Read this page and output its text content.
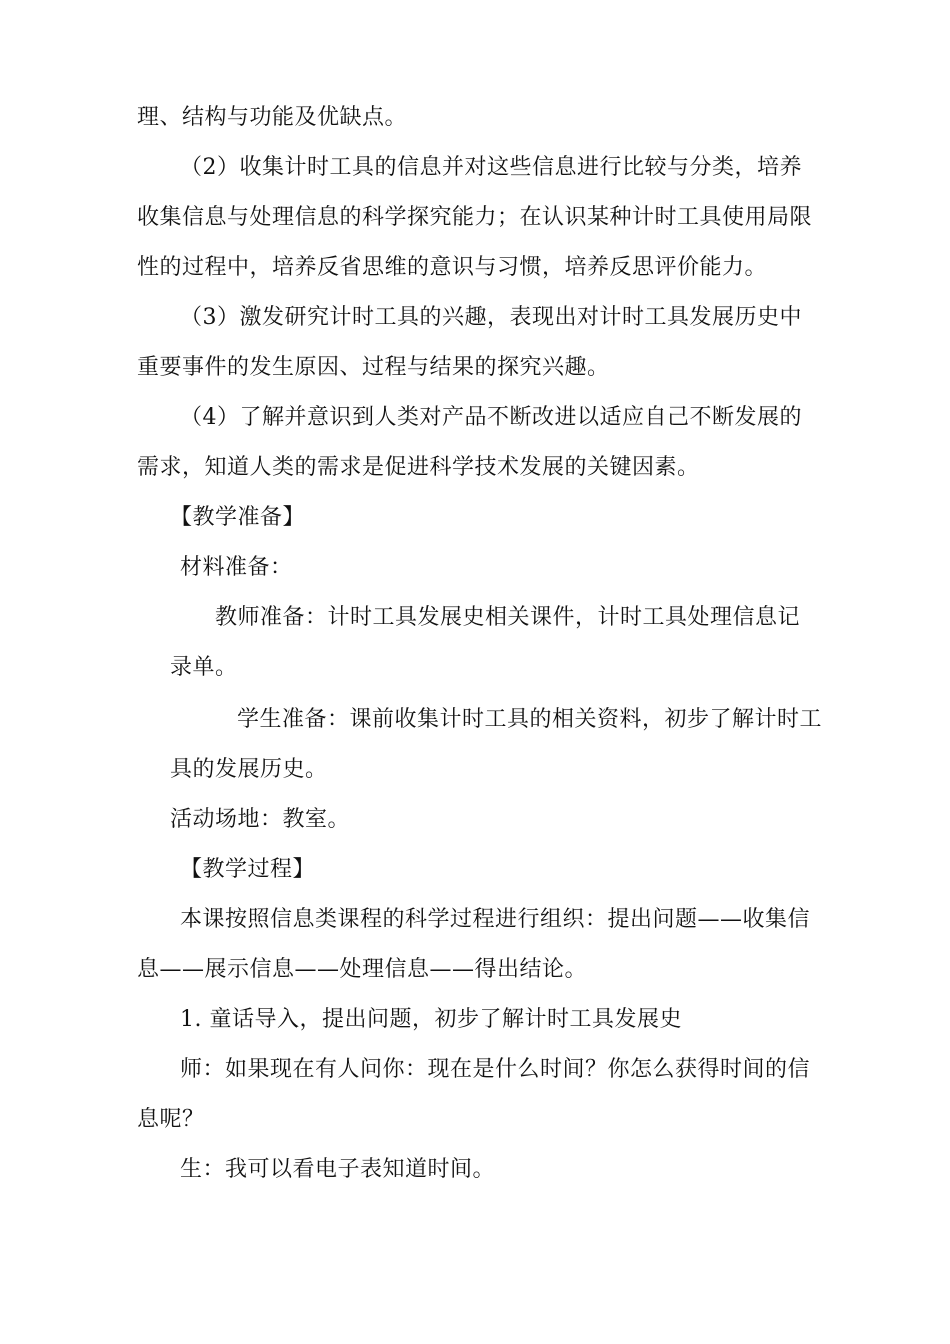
理、结构与功能及优缺点。
（2）收集计时工具的信息并对这些信息进行比较与分类，培养
收集信息与处理信息的科学探究能力；在认识某种计时工具使用局限
性的过程中，培养反省思维的意识与习惯，培养反思评价能力。
（3）激发研究计时工具的兴趣，表现出对计时工具发展历史中
重要事件的发生原因、过程与结果的探究兴趣。
（4）了解并意识到人类对产品不断改进以适应自己不断发展的
需求，知道人类的需求是促进科学技术发展的关键因素。
【教学准备】
材料准备：
教师准备：计时工具发展史相关课件，计时工具处理信息记
录单。
学生准备：课前收集计时工具的相关资料，初步了解计时工
具的发展历史。
活动场地：教室。
【教学过程】
本课按照信息类课程的科学过程进行组织：提出问题——收集信
息——展示信息——处理信息——得出结论。
1. 童话导入，提出问题，初步了解计时工具发展史
师：如果现在有人问你：现在是什么时间？你怎么获得时间的信
息呢？
生：我可以看电子表知道时间。
